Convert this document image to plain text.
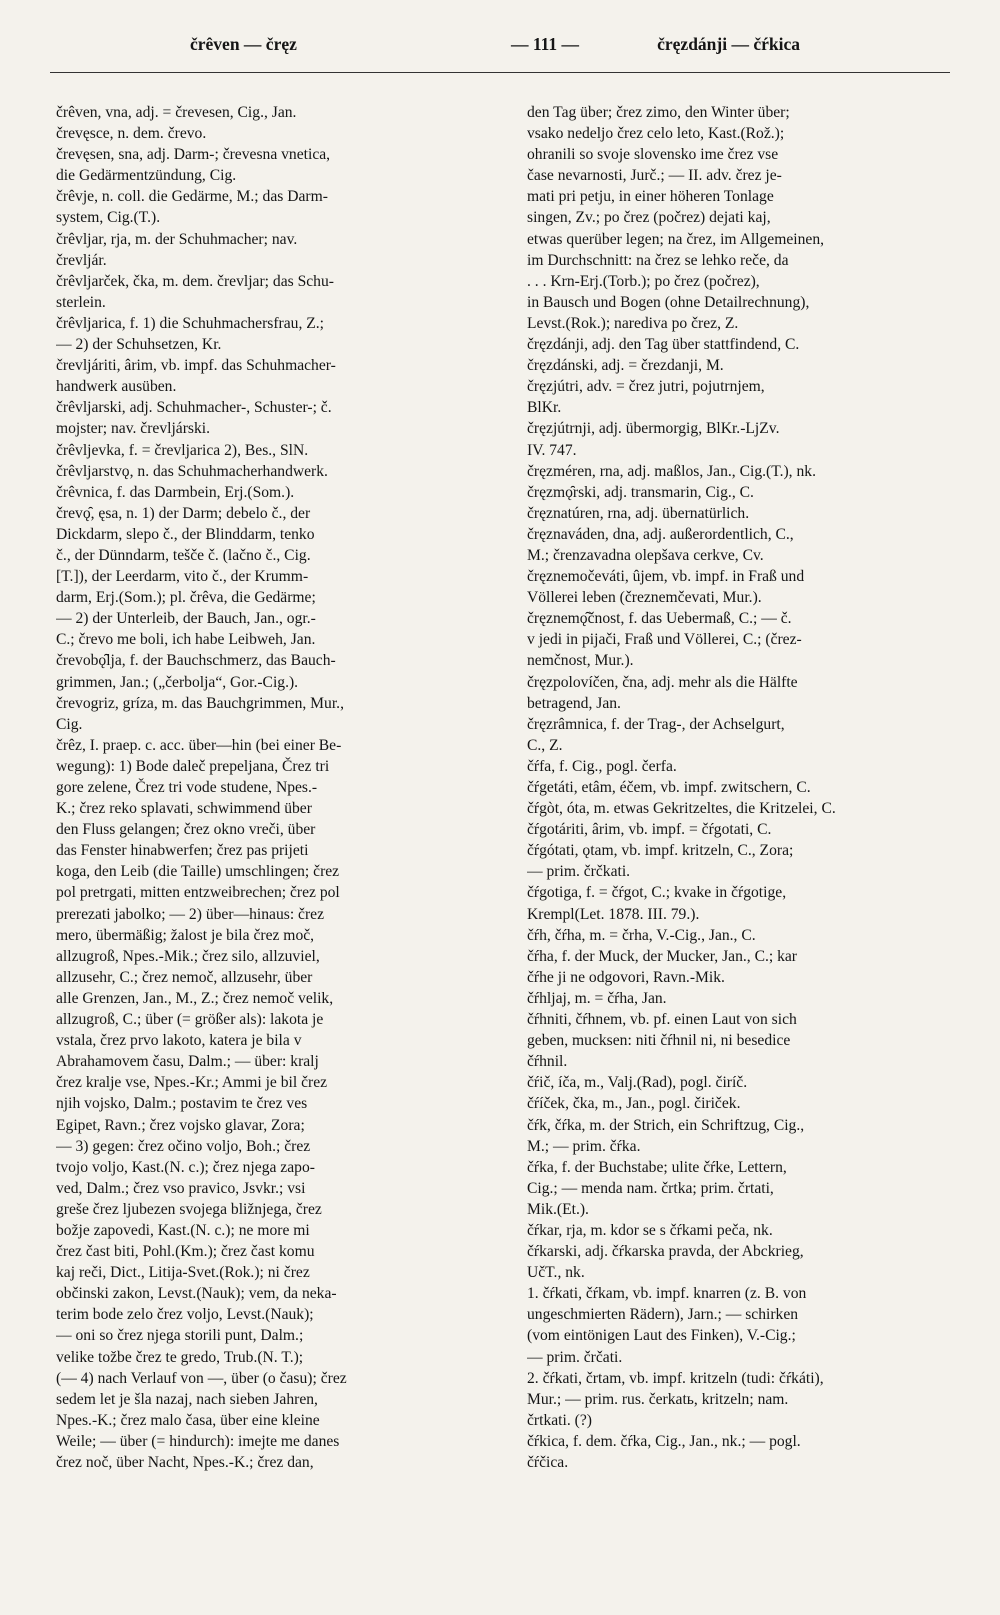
črêven — čręz	— 111 —	čręzdánji — čŕkica
črêven, vna, adj. = črevesen, Cig., Jan.
črevęsce, n. dem. črevo.
črevęsen, sna, adj. Darm-; črevesna vnetica,
die Gedärmentzündung, Cig.
črêvje, n. coll. die Gedärme, M.; das Darm-
system, Cig.(T.).
črêvljar, rja, m. der Schuhmacher; nav.
črevljár.
črêvljarček, čka, m. dem. črevljar; das Schu-
sterlein.
črêvljarica, f. 1) die Schuhmachersfrau, Z.;
— 2) der Schuhsetzen, Kr.
črevljáriti, ârim, vb. impf. das Schuhmacher-
handwerk ausüben.
črêvljarski, adj. Schuhmacher-, Schuster-; č.
mojster; nav. črevljárski.
črêvljevka, f. = črevljarica 2), Bes., SlN.
črêvljarstvǫ, n. das Schuhmacherhandwerk.
črêvnica, f. das Darmbein, Erj.(Som.).
črevǫ̑, ęsa, n. 1) der Darm; debelo č., der
Dickdarm, slepo č., der Blinddarm, tenko
č., der Dünndarm, tešče č. (lačno č., Cig.
[T.]), der Leerdarm, vito č., der Krumm-
darm, Erj.(Som.); pl. črêva, die Gedärme;
— 2) der Unterleib, der Bauch, Jan., ogr.-
C.; črevo me boli, ich habe Leibweh, Jan.
črevobǫ̑lja, f. der Bauchschmerz, das Bauch-
grimmen, Jan.; („čerbolja“, Gor.-Cig.).
črevogriz, gríza, m. das Bauchgrimmen, Mur.,
Cig.
črêz, I. praep. c. acc. über—hin (bei einer Be-
wegung): 1) Bode daleč prepeljana, Črez tri
gore zelene, Črez tri vode studene, Npes.-
K.; črez reko splavati, schwimmend über
den Fluss gelangen; črez okno vreči, über
das Fenster hinabwerfen; črez pas prijeti
koga, den Leib (die Taille) umschlingen; črez
pol pretrgati, mitten entzweibrechen; črez pol
prerezati jabolko; — 2) über—hinaus: črez
mero, übermäßig; žalost je bila črez moč,
allzugroß, Npes.-Mik.; črez silo, allzuviel,
allzusehr, C.; črez nemoč, allzusehr, über
alle Grenzen, Jan., M., Z.; črez nemoč velik,
allzugroß, C.; über (= größer als): lakota je
vstala, črez prvo lakoto, katera je bila v
Abrahamovem času, Dalm.; — über: kralj
črez kralje vse, Npes.-Kr.; Ammi je bil črez
njih vojsko, Dalm.; postavim te črez ves
Egipet, Ravn.; črez vojsko glavar, Zora;
— 3) gegen: črez očino voljo, Boh.; črez
tvojo voljo, Kast.(N. c.); črez njega zapo-
ved, Dalm.; črez vso pravico, Jsvkr.; vsi
greše črez ljubezen svojega bližnjega, črez
božje zapovedi, Kast.(N. c.); ne more mi
črez čast biti, Pohl.(Km.); črez čast komu
kaj reči, Dict., Litija-Svet.(Rok.); ni črez
občinski zakon, Levst.(Nauk); vem, da neka-
terim bode zelo črez voljo, Levst.(Nauk);
— oni so črez njega storili punt, Dalm.;
velike tožbe črez te gredo, Trub.(N. T.);
(— 4) nach Verlauf von —, über (o času); črez
sedem let je šla nazaj, nach sieben Jahren,
Npes.-K.; črez malo časa, über eine kleine
Weile; — über (= hindurch): imejte me danes
črez noč, über Nacht, Npes.-K.; črez dan,
den Tag über; črez zimo, den Winter über;
vsako nedeljo črez celo leto, Kast.(Rož.);
ohranili so svoje slovensko ime črez vse
čase nevarnosti, Jurč.; — II. adv. črez je-
mati pri petju, in einer höheren Tonlage
singen, Zv.; po črez (počrez) dejati kaj,
etwas querüber legen; na črez, im Allgemeinen,
im Durchschnitt: na črez se lehko reče, da
. . . Krn-Erj.(Torb.); po črez (počrez),
in Bausch und Bogen (ohne Detailrechnung),
Levst.(Rok.); narediva po črez, Z.
čręzdánji, adj. den Tag über stattfindend, C.
čręzdánski, adj. = črezdanji, M.
čręzjútri, adv. = črez jutri, pojutrnjem,
BlKr.
čręzjútrnji, adj. übermorgig, BlKr.-LjZv.
IV. 747.
čręzméren, rna, adj. maßlos, Jan., Cig.(T.), nk.
čręzmǫ̑rski, adj. transmarin, Cig., C.
čręznatúren, rna, adj. übernatürlich.
čręznaváden, dna, adj. außerordentlich, C.,
M.; črenzavadna olepšava cerkve, Cv.
čręznemočeváti, ûjem, vb. impf. in Fraß und
Völlerei leben (čreznemčevati, Mur.).
čręznemǫ̑čnost, f. das Uebermaß, C.; — č.
v jedi in pijači, Fraß und Völlerei, C.; (črez-
nemčnost, Mur.).
čręzpolovíčen, čna, adj. mehr als die Hälfte
betragend, Jan.
čręzrâmnica, f. der Trag-, der Achselgurt,
C., Z.
čŕfa, f. Cig., pogl. čerfa.
čŕgetáti, etâm, éčem, vb. impf. zwitschern, C.
čŕgòt, óta, m. etwas Gekritzeltes, die Kritzelei, C.
čŕgotáriti, ârim, vb. impf. = čŕgotati, C.
čŕgótati, ǫtam, vb. impf. kritzeln, C., Zora;
— prim. črčkati.
čŕgotiga, f. = čŕgot, C.; kvake in čŕgotige,
Krempl(Let. 1878. III. 79.).
čŕh, čŕha, m. = črha, V.-Cig., Jan., C.
čŕha, f. der Muck, der Mucker, Jan., C.; kar
čŕhe ji ne odgovori, Ravn.-Mik.
čŕhljaj, m. = čŕha, Jan.
čŕhniti, čŕhnem, vb. pf. einen Laut von sich
geben, mucksen: niti čŕhnil ni, ni besedice
čŕhnil.
čŕič, íča, m., Valj.(Rad), pogl. čiríč.
čŕíček, čka, m., Jan., pogl. čiriček.
čŕk, čŕka, m. der Strich, ein Schriftzug, Cig.,
M.; — prim. čŕka.
čŕka, f. der Buchstabe; ulite čŕke, Lettern,
Cig.; — menda nam. črtka; prim. črtati,
Mik.(Et.).
čŕkar, rja, m. kdor se s čŕkami peča, nk.
čŕkarski, adj. čŕkarska pravda, der Abckrieg,
UčT., nk.
1. čŕkati, čŕkam, vb. impf. knarren (z. B. von
ungeschmierten Rädern), Jarn.; — schirken
(vom eintönigen Laut des Finken), V.-Cig.;
— prim. črčati.
2. čŕkati, črtam, vb. impf. kritzeln (tudi: čŕkáti),
Mur.; — prim. rus. čerkatь, kritzeln; nam.
črtkati. (?)
čŕkica, f. dem. čŕka, Cig., Jan., nk.; — pogl.
čŕčica.
